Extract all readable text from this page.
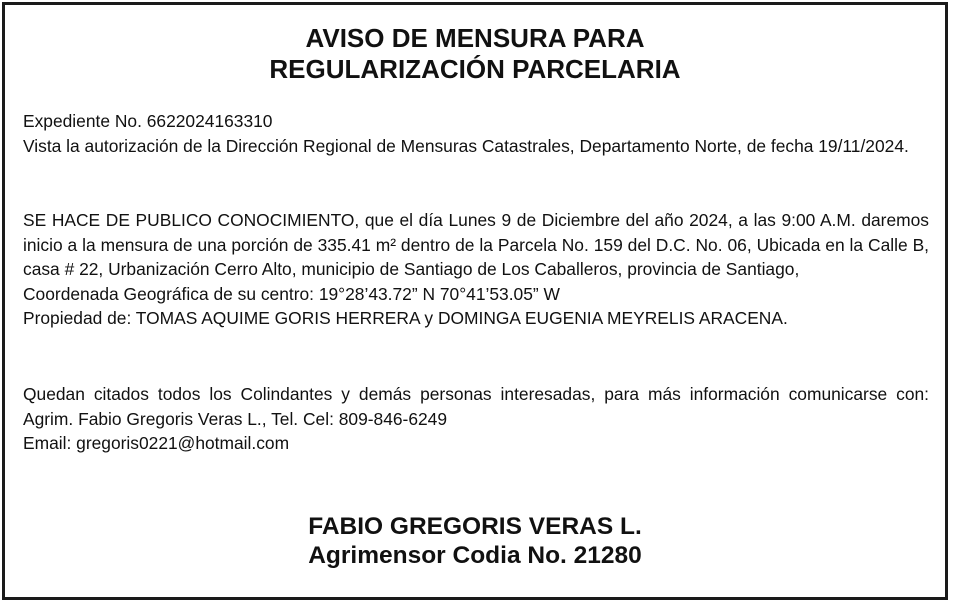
AVISO DE MENSURA PARA
REGULARIZACIÓN PARCELARIA
Expediente No. 6622024163310
Vista la autorización de la Dirección Regional de Mensuras Catastrales, Departamento Norte, de fecha 19/11/2024.
SE HACE DE PUBLICO CONOCIMIENTO, que el día Lunes 9 de Diciembre del año 2024, a las 9:00 A.M. daremos inicio a la mensura de una porción de 335.41 m² dentro de la Parcela No. 159 del D.C. No. 06, Ubicada en la Calle B, casa # 22, Urbanización Cerro Alto, municipio de Santiago de Los Caballeros, provincia de Santiago,
Coordenada Geográfica de su centro: 19°28’43.72” N 70°41’53.05” W
Propiedad de: TOMAS AQUIME GORIS HERRERA y DOMINGA EUGENIA MEYRELIS ARACENA.
Quedan citados todos los Colindantes y demás personas interesadas, para más información comunicarse con: Agrim. Fabio Gregoris Veras L., Tel. Cel: 809-846-6249
Email: gregoris0221@hotmail.com
FABIO GREGORIS VERAS L.
Agrimensor Codia No. 21280
